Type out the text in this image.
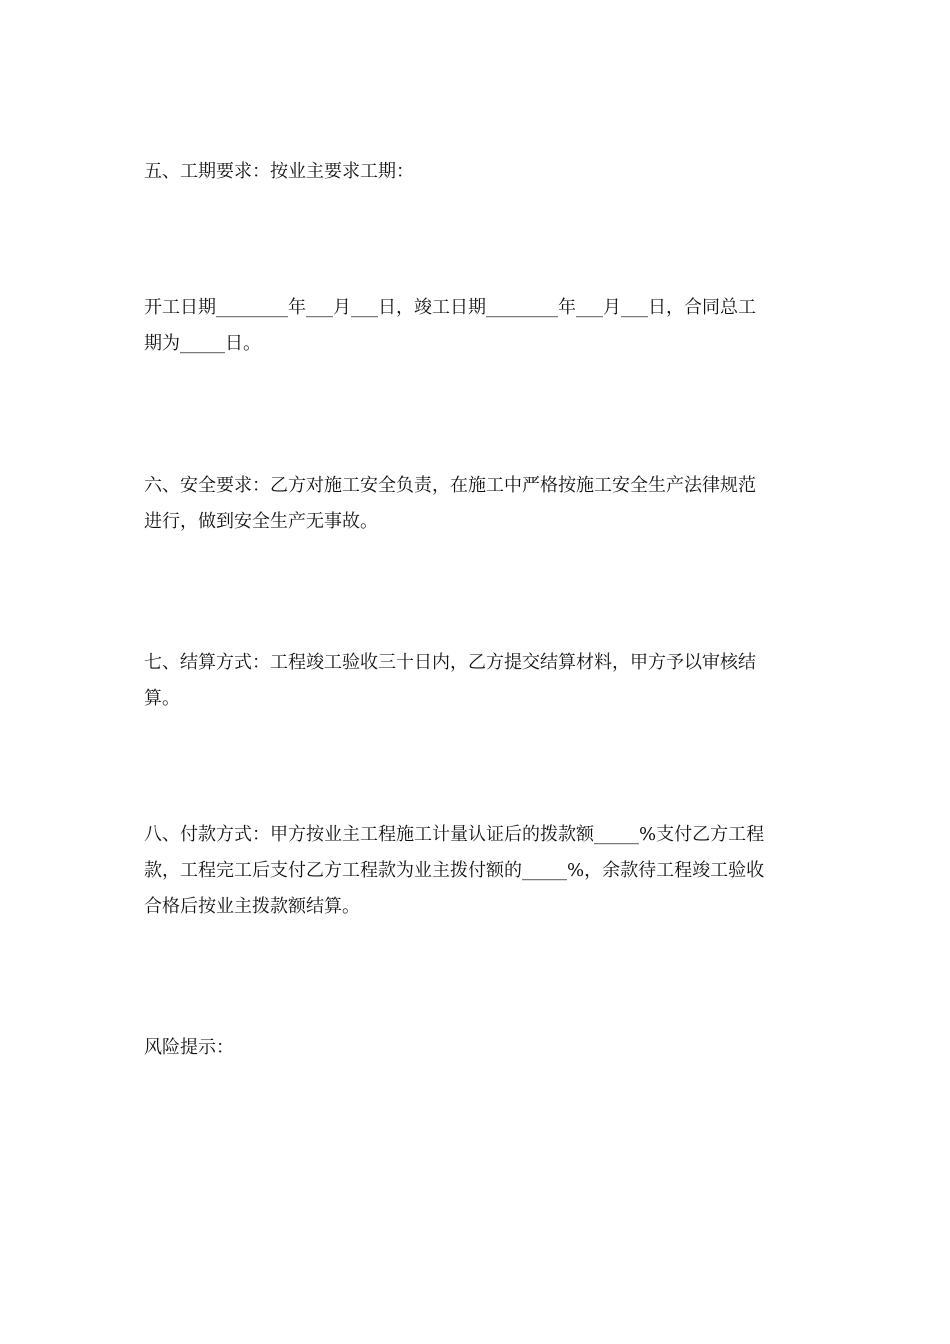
五、工期要求：按业主要求工期：

开工日期________年___月___日，竣工日期________年___月___日，合同总工
期为_____日。

六、安全要求：乙方对施工安全负责，在施工中严格按施工安全生产法律规范
进行，做到安全生产无事故。

七、结算方式：工程竣工验收三十日内，乙方提交结算材料，甲方予以审核结
算。

八、付款方式：甲方按业主工程施工计量认证后的拨款额_____%支付乙方工程
款，工程完工后支付乙方工程款为业主拨付额的_____%，余款待工程竣工验收
合格后按业主拨款额结算。

风险提示：
